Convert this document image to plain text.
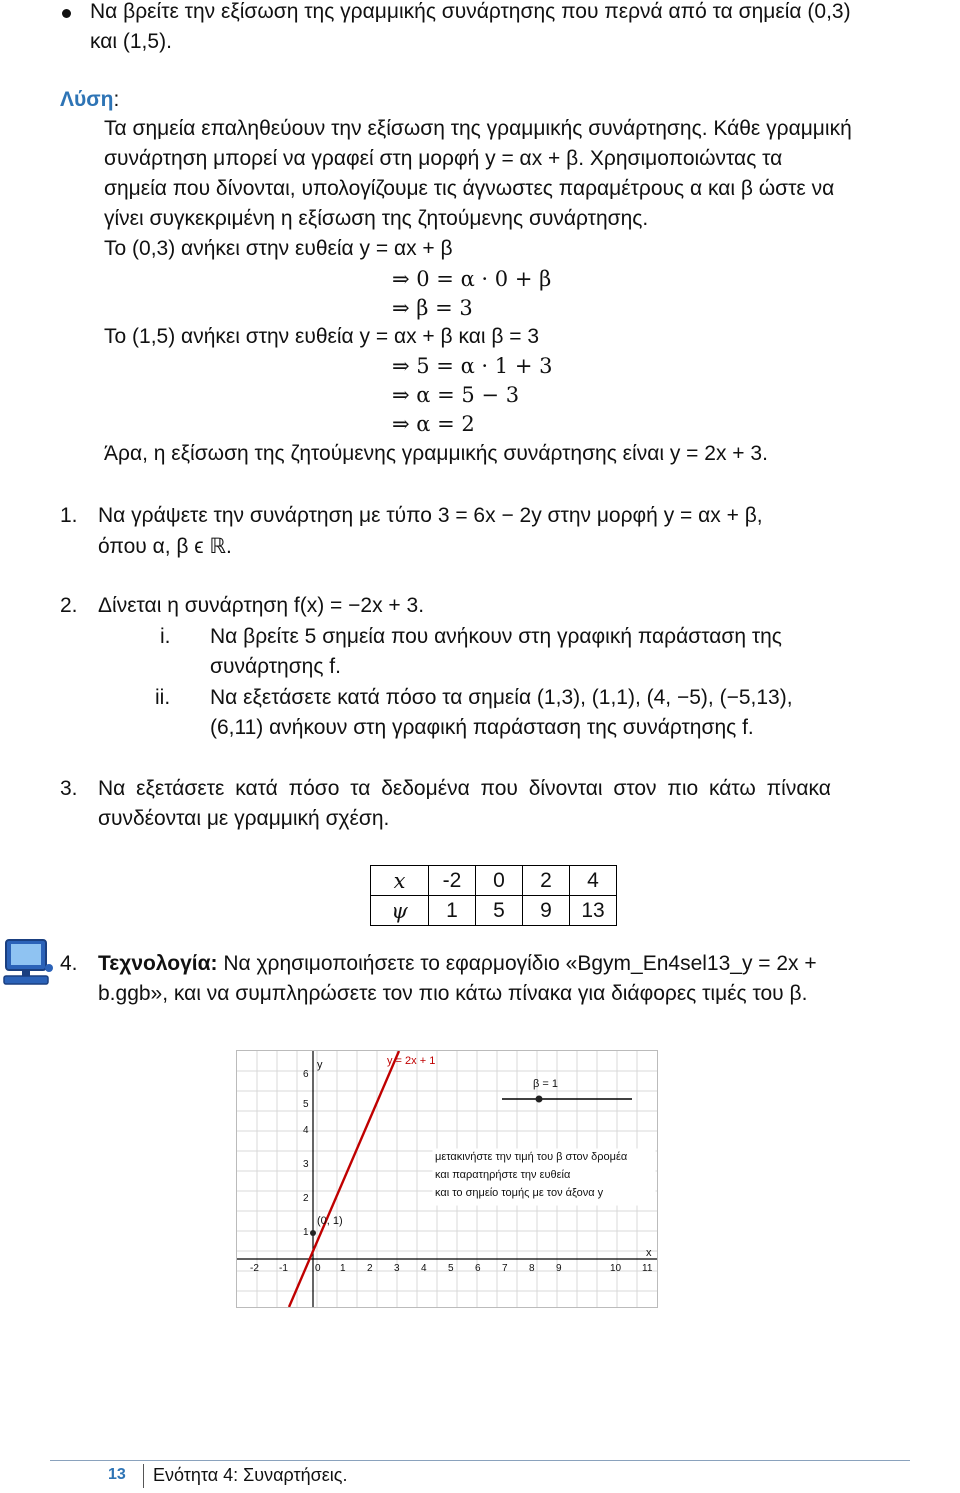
Να βρείτε την εξίσωση της γραμμικής συνάρτησης που περνά από τα σημεία (0,3)
και (1,5).
Λύση:
Τα σημεία επαληθεύουν την εξίσωση της γραμμικής συνάρτησης. Κάθε γραμμική
συνάρτηση μπορεί να γραφεί στη μορφή y = αx + β. Χρησιμοποιώντας τα
σημεία που δίνονται, υπολογίζουμε τις άγνωστες παραμέτρους α και β ώστε να
γίνει συγκεκριμένη η εξίσωση της ζητούμενης συνάρτησης.
Το (0,3) ανήκει στην ευθεία y = αx + β
⇒ 0 = α · 0 + β
⇒ β = 3
Το (1,5) ανήκει στην ευθεία y = αx + β και β = 3
⇒ 5 = α · 1 + 3
⇒ α = 5 − 3
⇒ α = 2
Άρα, η εξίσωση της ζητούμενης γραμμικής συνάρτησης είναι y = 2x + 3.
1. Να γράψετε την συνάρτηση με τύπο 3 = 6x − 2y στην μορφή y = αx + β,
όπου α, β ϵ ℝ.
2. Δίνεται η συνάρτηση f(x) = −2x + 3.
i. Να βρείτε 5 σημεία που ανήκουν στη γραφική παράσταση της
συνάρτησης f.
ii. Να εξετάσετε κατά πόσο τα σημεία (1,3), (1,1), (4, −5), (−5,13),
(6,11) ανήκουν στη γραφική παράσταση της συνάρτησης f.
3. Να εξετάσετε κατά πόσο τα δεδομένα που δίνονται στον πιο κάτω πίνακα
συνδέονται με γραμμική σχέση.
x	-2	0	2	4
ψ	1	5	9	13
4. Τεχνολογία: Να χρησιμοποιήσετε το εφαρμογίδιο «Bgym_En4sel13_y = 2x +
b.ggb», και να συμπληρώσετε τον πιο κάτω πίνακα για διάφορες τιμές του β.
y = 2x + 1
β = 1
y
x
(0, 1)
μετακινήστε την τιμή του β στον δρομέα
και παρατηρήστε την ευθεία
και το σημείο τομής με τον άξονα y
-2 -1	0 1 2 3 4 5 6 7 8 9	10 11
1
2
3
4
5
6
13 Ενότητα 4: Συναρτήσεις.
